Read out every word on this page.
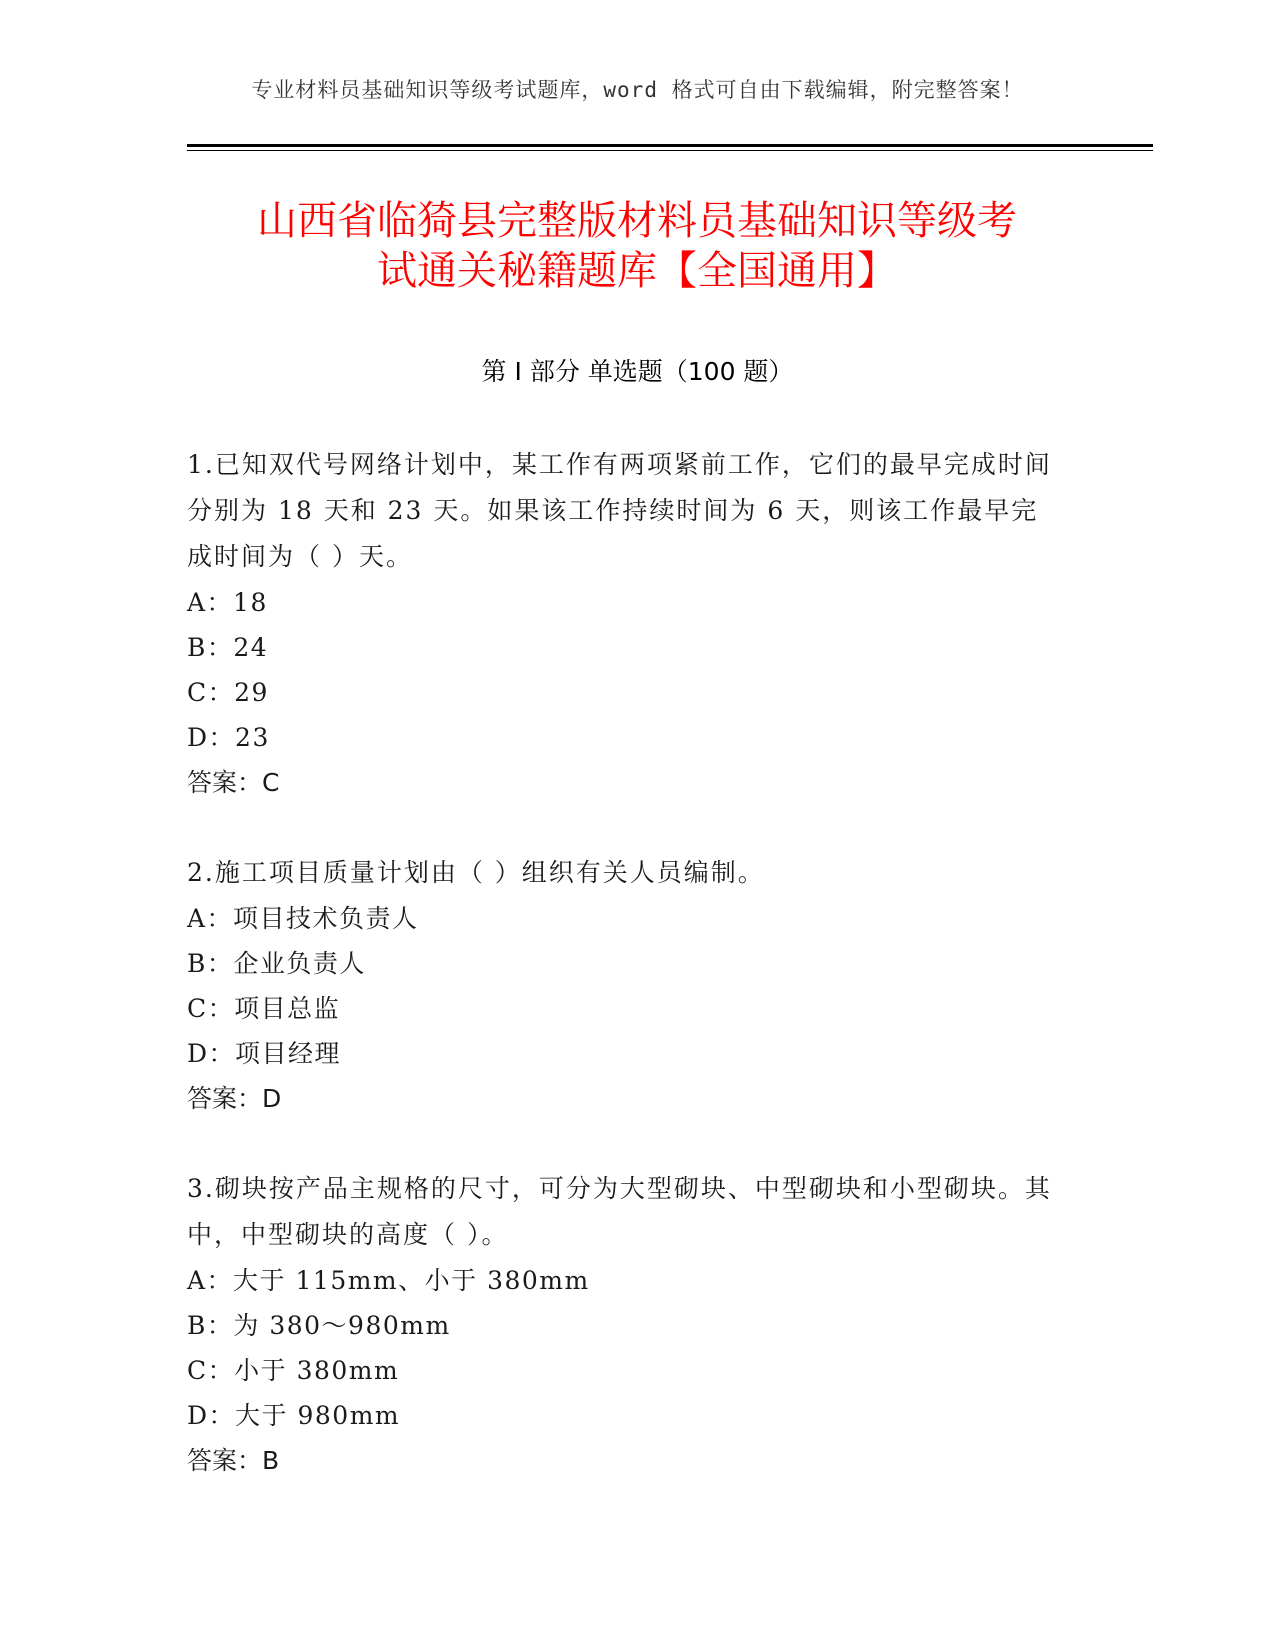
专业材料员基础知识等级考试题库，word 格式可自由下载编辑，附完整答案！
山西省临猗县完整版材料员基础知识等级考
试通关秘籍题库【全国通用】
第 I 部分 单选题（100 题）

1.已知双代号网络计划中，某工作有两项紧前工作，它们的最早完成时间分别为 18 天和 23 天。如果该工作持续时间为 6 天，则该工作最早完成时间为（ ）天。

A：18

B：24

C：29

D：23

答案：C

2.施工项目质量计划由（ ）组织有关人员编制。

A：项目技术负责人

B：企业负责人

C：项目总监

D：项目经理

答案：D

3.砌块按产品主规格的尺寸，可分为大型砌块、中型砌块和小型砌块。其中，中型砌块的高度（ ）。

A：大于 115mm、小于 380mm

B：为 380～980mm

C：小于 380mm

D：大于 980mm

答案：B
